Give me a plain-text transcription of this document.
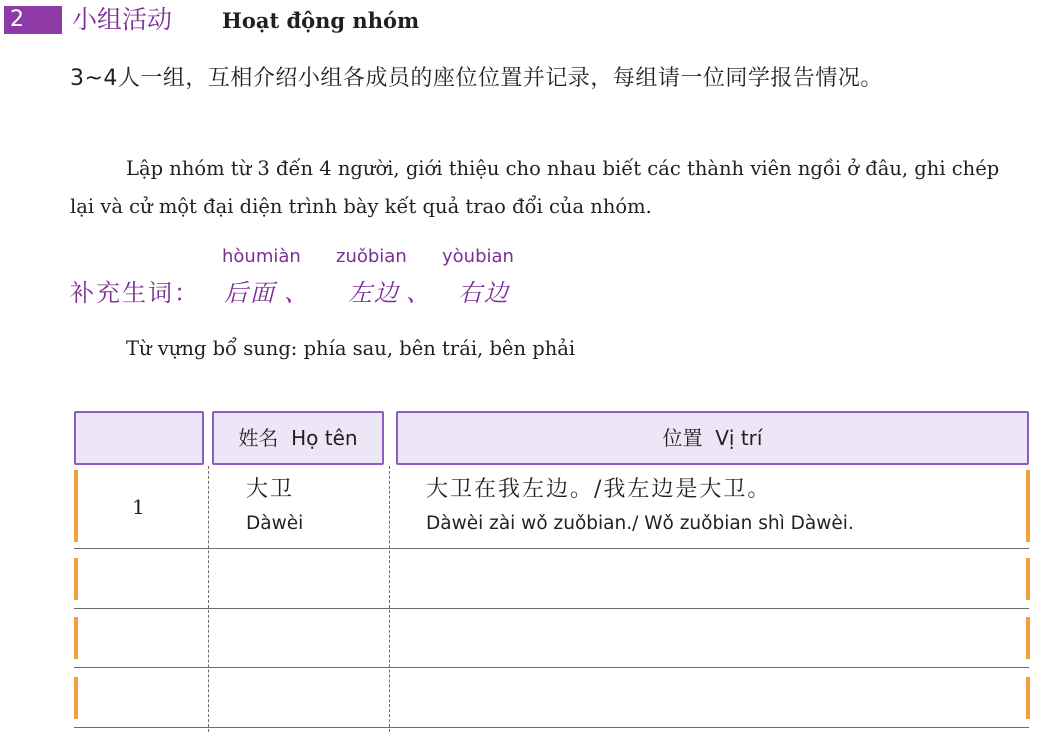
2 小组活动 Hoạt động nhóm
3~4人一组，互相介绍小组各成员的座位位置并记录，每组请一位同学报告情况。
Lập nhóm từ 3 đến 4 người, giới thiệu cho nhau biết các thành viên ngồi ở đâu, ghi chép lại và cử một đại diện trình bày kết quả trao đổi của nhóm.
hòumiàn zuǒbian yòubian
补充生词： 后面 、 左边 、 右边
Từ vựng bổ sung: phía sau, bên trái, bên phải
姓名  Họ tên	位置  Vị trí
1
大卫
Dàwèi
大卫在我左边。/我左边是大卫。
Dàwèi zài wǒ zuǒbian./ Wǒ zuǒbian shì Dàwèi.
